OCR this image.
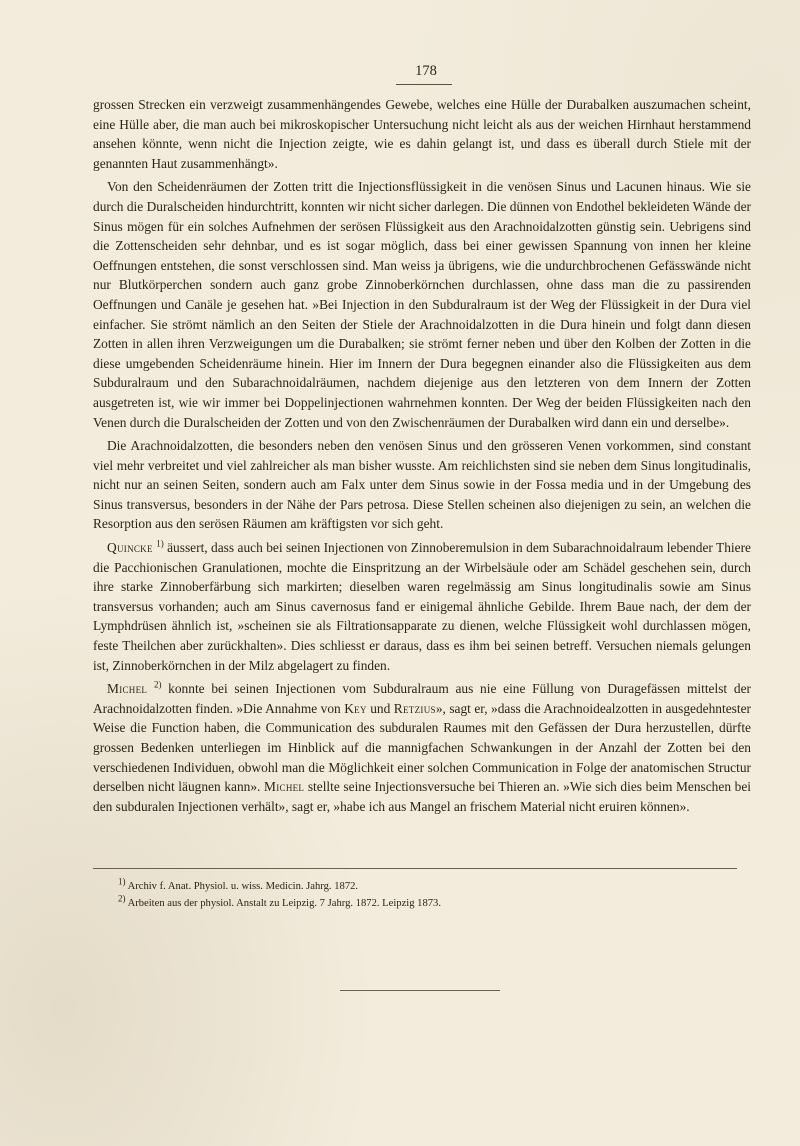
178

grossen Strecken ein verzweigt zusammenhängendes Gewebe, welches eine Hülle der Durabalken auszumachen scheint, eine Hülle aber, die man auch bei mikroskopischer Untersuchung nicht leicht als aus der weichen Hirnhaut herstammend ansehen könnte, wenn nicht die Injection zeigte, wie es dahin gelangt ist, und dass es überall durch Stiele mit der genannten Haut zusammenhängt».

Von den Scheidenräumen der Zotten tritt die Injectionsflüssigkeit in die venösen Sinus und Lacunen hinaus. Wie sie durch die Duralscheiden hindurchtritt, konnten wir nicht sicher darlegen. Die dünnen von Endothel bekleideten Wände der Sinus mögen für ein solches Aufnehmen der serösen Flüssigkeit aus den Arachnoidalzotten günstig sein. Uebrigens sind die Zottenscheiden sehr dehnbar, und es ist sogar möglich, dass bei einer gewissen Spannung von innen her kleine Oeffnungen entstehen, die sonst verschlossen sind. Man weiss ja übrigens, wie die undurchbrochenen Gefässwände nicht nur Blutkörperchen sondern auch ganz grobe Zinnoberkörnchen durchlassen, ohne dass man die zu passirenden Oeffnungen und Canäle je gesehen hat. »Bei Injection in den Subduralraum ist der Weg der Flüssigkeit in der Dura viel einfacher. Sie strömt nämlich an den Seiten der Stiele der Arachnoidalzotten in die Dura hinein und folgt dann diesen Zotten in allen ihren Verzweigungen um die Durabalken; sie strömt ferner neben und über den Kolben der Zotten in die diese umgebenden Scheidenräume hinein. Hier im Innern der Dura begegnen einander also die Flüssigkeiten aus dem Subduralraum und den Subarachnoidalräumen, nachdem diejenige aus den letzteren von dem Innern der Zotten ausgetreten ist, wie wir immer bei Doppelinjectionen wahrnehmen konnten. Der Weg der beiden Flüssigkeiten nach den Venen durch die Duralscheiden der Zotten und von den Zwischenräumen der Durabalken wird dann ein und derselbe».

Die Arachnoidalzotten, die besonders neben den venösen Sinus und den grösseren Venen vorkommen, sind constant viel mehr verbreitet und viel zahlreicher als man bisher wusste. Am reichlichsten sind sie neben dem Sinus longitudinalis, nicht nur an seinen Seiten, sondern auch am Falx unter dem Sinus sowie in der Fossa media und in der Umgebung des Sinus transversus, besonders in der Nähe der Pars petrosa. Diese Stellen scheinen also diejenigen zu sein, an welchen die Resorption aus den serösen Räumen am kräftigsten vor sich geht.

Quincke $^{1)}$ äussert, dass auch bei seinen Injectionen von Zinnoberemulsion in dem Subarachnoidalraum lebender Thiere die Pacchionischen Granulationen, mochte die Einspritzung an der Wirbelsäule oder am Schädel geschehen sein, durch ihre starke Zinnoberfärbung sich markirten; dieselben waren regelmässig am Sinus longitudinalis sowie am Sinus transversus vorhanden; auch am Sinus cavernosus fand er einigemal ähnliche Gebilde. Ihrem Baue nach, der dem der Lymphdrüsen ähnlich ist, »scheinen sie als Filtrationsapparate zu dienen, welche Flüssigkeit wohl durchlassen mögen, feste Theilchen aber zurückhalten». Dies schliesst er daraus, dass es ihm bei seinen betreff. Versuchen niemals gelungen ist, Zinnoberkörnchen in der Milz abgelagert zu finden.

Michel $^{2)}$ konnte bei seinen Injectionen vom Subduralraum aus nie eine Füllung von Duragefässen mittelst der Arachnoidalzotten finden. »Die Annahme von Key und Retzius», sagt er, »dass die Arachnoidealzotten in ausgedehntester Weise die Function haben, die Communication des subduralen Raumes mit den Gefässen der Dura herzustellen, dürfte grossen Bedenken unterliegen im Hinblick auf die mannigfachen Schwankungen in der Anzahl der Zotten bei den verschiedenen Individuen, obwohl man die Möglichkeit einer solchen Communication in Folge der anatomischen Structur derselben nicht läugnen kann». Michel stellte seine Injectionsversuche bei Thieren an. »Wie sich dies beim Menschen bei den subduralen Injectionen verhält», sagt er, »habe ich aus Mangel an frischem Material nicht eruiren können».

$^{1)}$ Archiv f. Anat. Physiol. u. wiss. Medicin. Jahrg. 1872.
$^{2)}$ Arbeiten aus der physiol. Anstalt zu Leipzig. 7 Jahrg. 1872. Leipzig 1873.
